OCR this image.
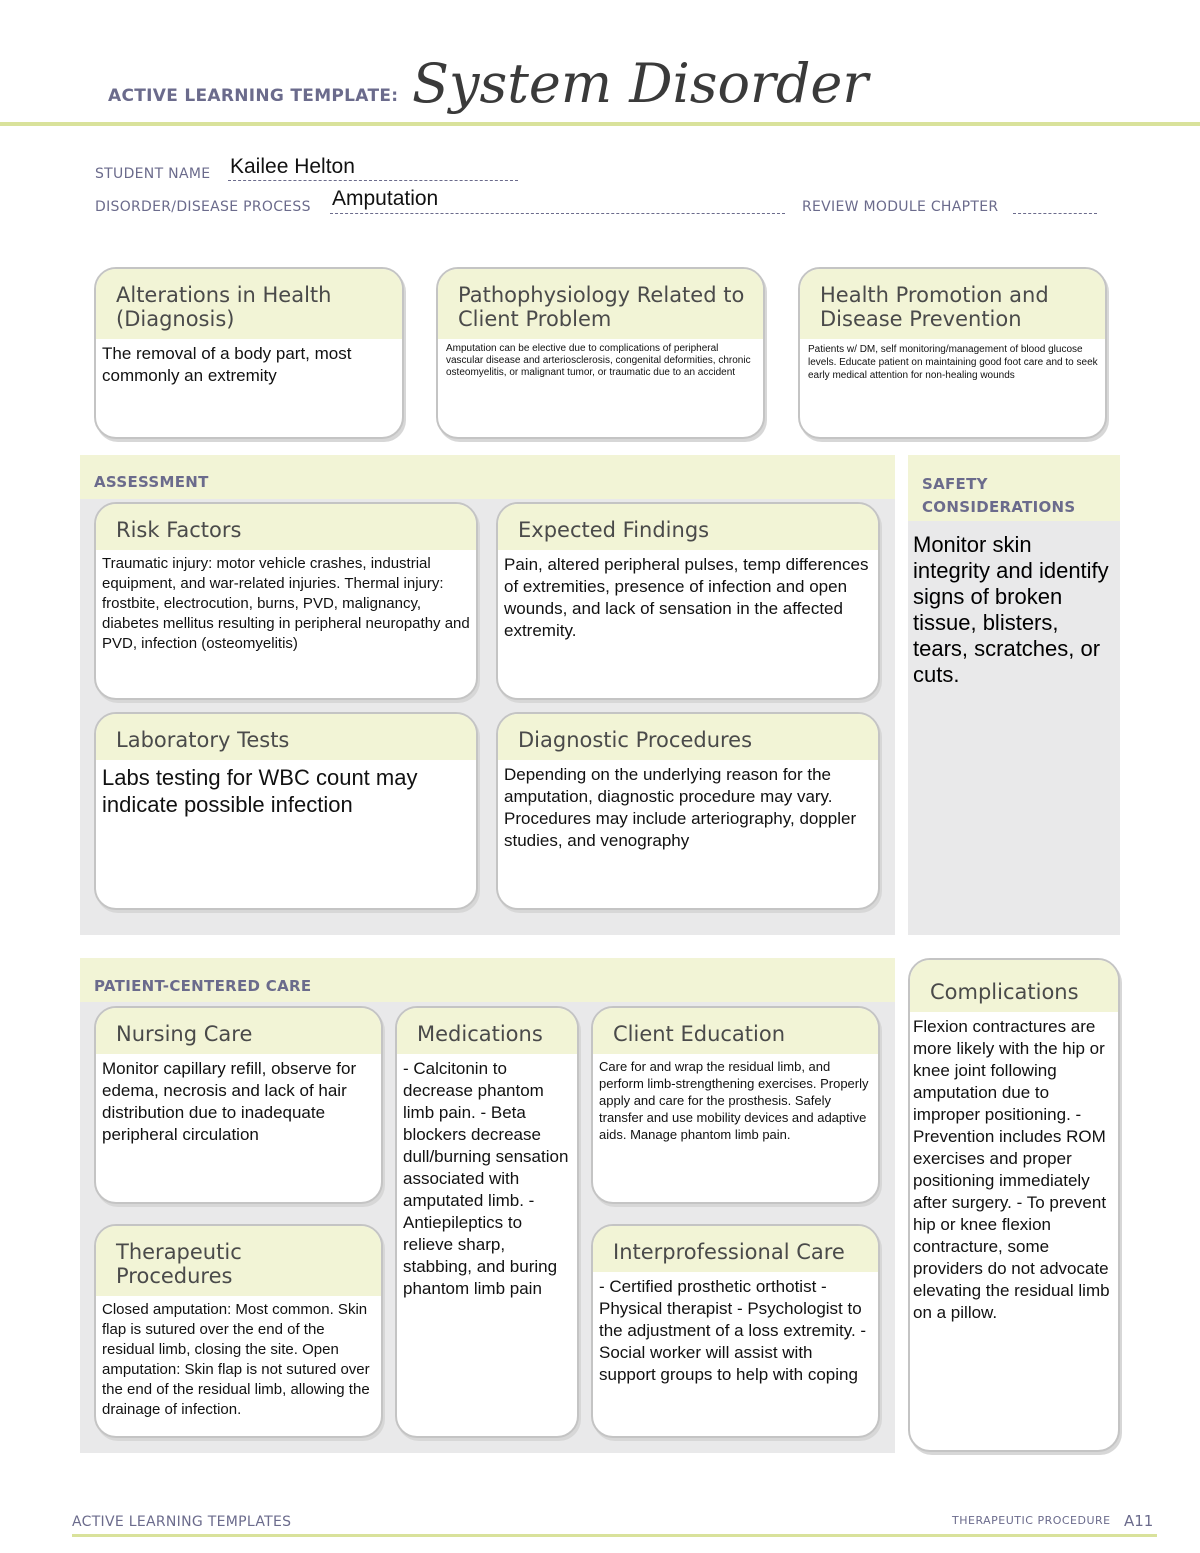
ACTIVE LEARNING TEMPLATE: System Disorder
STUDENT NAME Kailee Helton
DISORDER/DISEASE PROCESS Amputation	REVIEW MODULE CHAPTER
Alterations in Health (Diagnosis)
The removal of a body part, most commonly an extremity
Pathophysiology Related to Client Problem
Amputation can be elective due to complications of peripheral vascular disease and arteriosclerosis, congenital deformities, chronic osteomyelitis, or malignant tumor, or traumatic due to an accident
Health Promotion and Disease Prevention
Patients w/ DM, self monitoring/management of blood glucose levels. Educate patient on maintaining good foot care and to seek early medical attention for non-healing wounds
ASSESSMENT
Risk Factors
Traumatic injury: motor vehicle crashes, industrial equipment, and war-related injuries. Thermal injury: frostbite, electrocution, burns, PVD, malignancy, diabetes mellitus resulting in peripheral neuropathy and PVD, infection (osteomyelitis)
Expected Findings
Pain, altered peripheral pulses, temp differences of extremities, presence of infection and open wounds, and lack of sensation in the affected extremity.
Laboratory Tests
Labs testing for WBC count may indicate possible infection
Diagnostic Procedures
Depending on the underlying reason for the amputation, diagnostic procedure may vary. Procedures may include arteriography, doppler studies, and venography
SAFETY CONSIDERATIONS
Monitor skin integrity and identify signs of broken tissue, blisters, tears, scratches, or cuts.
PATIENT-CENTERED CARE
Nursing Care
Monitor capillary refill, observe for edema, necrosis and lack of hair distribution due to inadequate peripheral circulation
Medications
- Calcitonin to decrease phantom limb pain. - Beta blockers decrease dull/burning sensation associated with amputated limb. - Antiepileptics to relieve sharp, stabbing, and buring phantom limb pain
Client Education
Care for and wrap the residual limb, and perform limb-strengthening exercises. Properly apply and care for the prosthesis. Safely transfer and use mobility devices and adaptive aids. Manage phantom limb pain.
Therapeutic Procedures
Closed amputation: Most common. Skin flap is sutured over the end of the residual limb, closing the site. Open amputation: Skin flap is not sutured over the end of the residual limb, allowing the drainage of infection.
Interprofessional Care
- Certified prosthetic orthotist - Physical therapist - Psychologist to the adjustment of a loss extremity. - Social worker will assist with support groups to help with coping
Complications
Flexion contractures are more likely with the hip or knee joint following amputation due to improper positioning. - Prevention includes ROM exercises and proper positioning immediately after surgery. - To prevent hip or knee flexion contracture, some providers do not advocate elevating the residual limb on a pillow.
ACTIVE LEARNING TEMPLATES	THERAPEUTIC PROCEDURE A11
